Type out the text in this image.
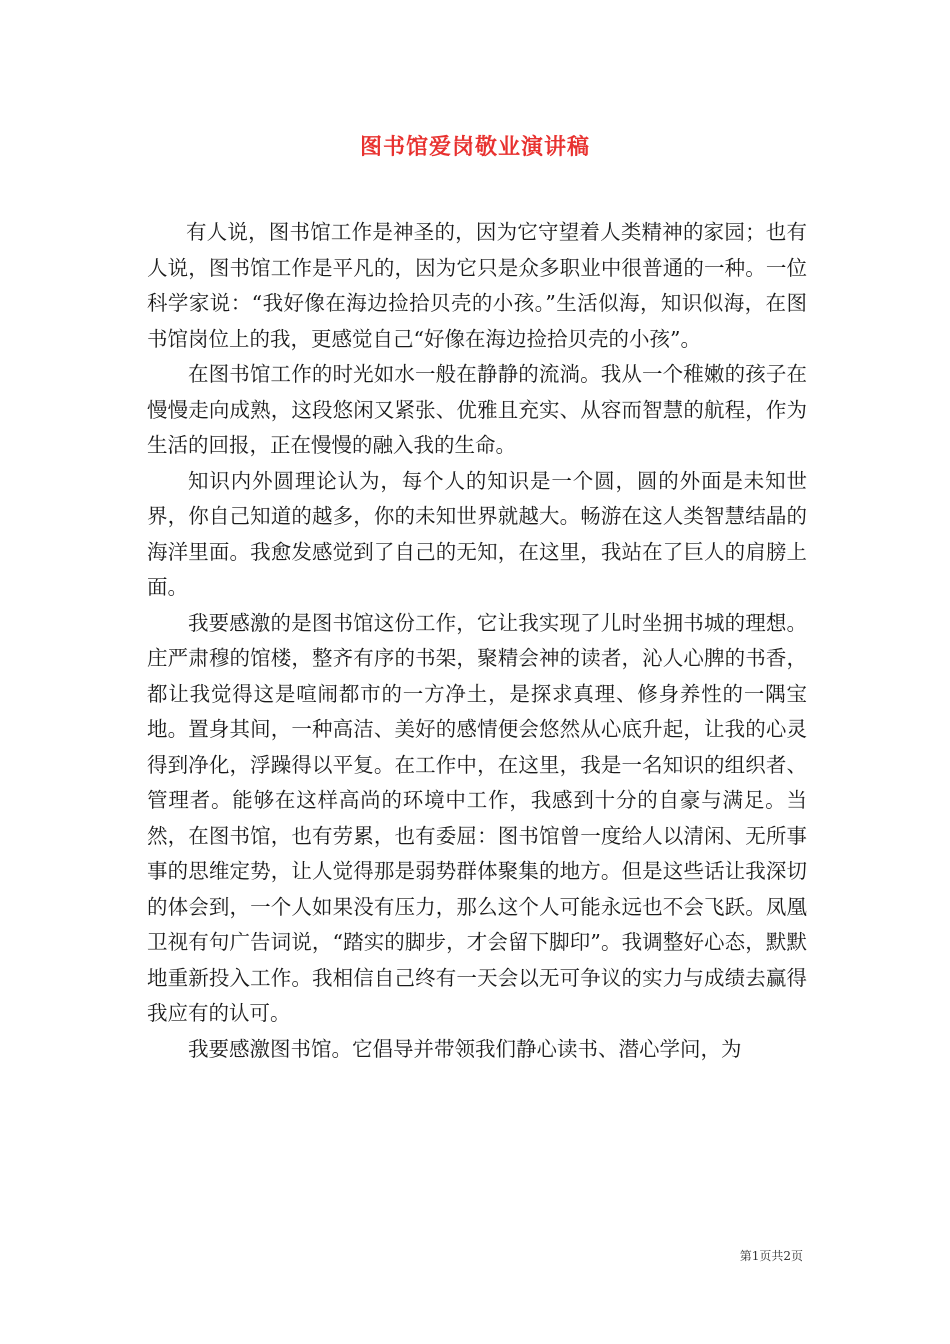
图书馆爱岗敬业演讲稿

有人说，图书馆工作是神圣的，因为它守望着人类精神的家园；也有人说，图书馆工作是平凡的，因为它只是众多职业中很普通的一种。一位科学家说：“我好像在海边捡拾贝壳的小孩。”生活似海，知识似海，在图书馆岗位上的我，更感觉自己“好像在海边捡拾贝壳的小孩”。

在图书馆工作的时光如水一般在静静的流淌。我从一个稚嫩的孩子在慢慢走向成熟，这段悠闲又紧张、优雅且充实、从容而智慧的航程，作为生活的回报，正在慢慢的融入我的生命。

知识内外圆理论认为，每个人的知识是一个圆，圆的外面是未知世界，你自己知道的越多，你的未知世界就越大。畅游在这人类智慧结晶的海洋里面。我愈发感觉到了自己的无知，在这里，我站在了巨人的肩膀上面。

我要感激的是图书馆这份工作，它让我实现了儿时坐拥书城的理想。庄严肃穆的馆楼，整齐有序的书架，聚精会神的读者，沁人心脾的书香，都让我觉得这是喧闹都市的一方净土，是探求真理、修身养性的一隅宝地。置身其间，一种高洁、美好的感情便会悠然从心底升起，让我的心灵得到净化，浮躁得以平复。在工作中，在这里，我是一名知识的组织者、管理者。能够在这样高尚的环境中工作，我感到十分的自豪与满足。当然，在图书馆，也有劳累，也有委屈：图书馆曾一度给人以清闲、无所事事的思维定势，让人觉得那是弱势群体聚集的地方。但是这些话让我深切的体会到，一个人如果没有压力，那么这个人可能永远也不会飞跃。凤凰卫视有句广告词说，“踏实的脚步，才会留下脚印”。我调整好心态，默默地重新投入工作。我相信自己终有一天会以无可争议的实力与成绩去赢得我应有的认可。

我要感激图书馆。它倡导并带领我们静心读书、潜心学问，为

第1页共2页
